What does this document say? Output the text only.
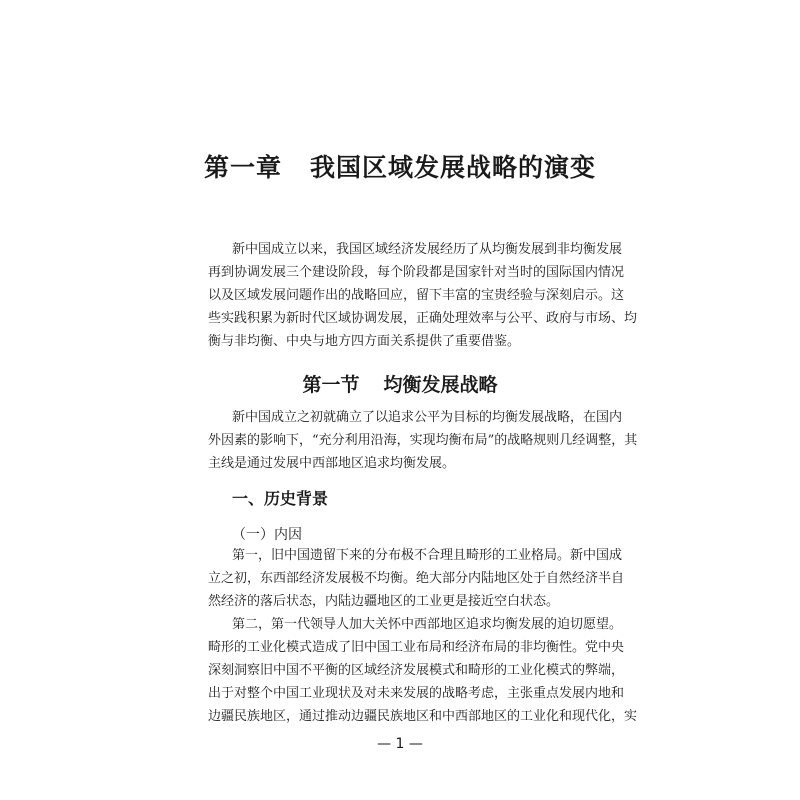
第一章 我国区域发展战略的演变
新中国成立以来，我国区域经济发展经历了从均衡发展到非均衡发展
再到协调发展三个建设阶段，每个阶段都是国家针对当时的国际国内情况
以及区域发展问题作出的战略回应，留下丰富的宝贵经验与深刻启示。这
些实践积累为新时代区域协调发展，正确处理效率与公平、政府与市场、均
衡与非均衡、中央与地方四方面关系提供了重要借鉴。
第一节 均衡发展战略
新中国成立之初就确立了以追求公平为目标的均衡发展战略，在国内
外因素的影响下，“充分利用沿海，实现均衡布局”的战略规则几经调整，其
主线是通过发展中西部地区追求均衡发展。
一、历史背景
（一）内因
第一，旧中国遗留下来的分布极不合理且畸形的工业格局。新中国成
立之初，东西部经济发展极不均衡。绝大部分内陆地区处于自然经济半自
然经济的落后状态，内陆边疆地区的工业更是接近空白状态。
第二，第一代领导人加大关怀中西部地区追求均衡发展的迫切愿望。
畸形的工业化模式造成了旧中国工业布局和经济布局的非均衡性。党中央
深刻洞察旧中国不平衡的区域经济发展模式和畸形的工业化模式的弊端，
出于对整个中国工业现状及对未来发展的战略考虑，主张重点发展内地和
边疆民族地区，通过推动边疆民族地区和中西部地区的工业化和现代化，实
— 1 —
